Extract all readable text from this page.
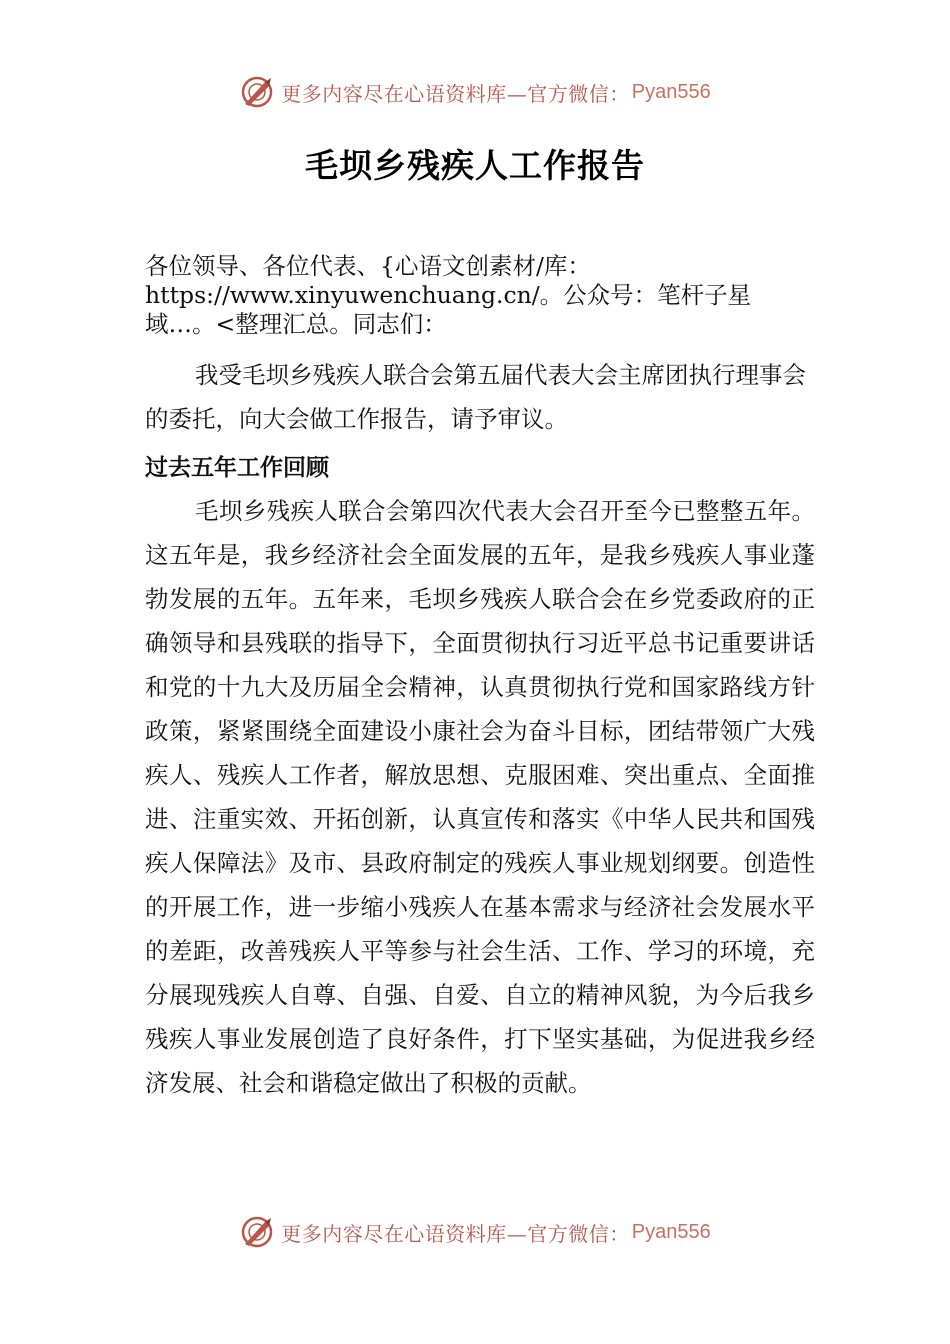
更多内容尽在心语资料库—官方微信： Pyan556
毛坝乡残疾人工作报告

各位领导、各位代表、{心语文创素材/库：https://www.xinyuwenchuang.cn/。公众号：笔杆子星域…。<整理汇总。同志们：

我受毛坝乡残疾人联合会第五届代表大会主席团执行理事会的委托，向大会做工作报告，请予审议。

过去五年工作回顾

毛坝乡残疾人联合会第四次代表大会召开至今已整整五年。这五年是，我乡经济社会全面发展的五年，是我乡残疾人事业蓬勃发展的五年。五年来，毛坝乡残疾人联合会在乡党委政府的正确领导和县残联的指导下，全面贯彻执行习近平总书记重要讲话和党的十九大及历届全会精神，认真贯彻执行党和国家路线方针政策，紧紧围绕全面建设小康社会为奋斗目标，团结带领广大残疾人、残疾人工作者，解放思想、克服困难、突出重点、全面推进、注重实效、开拓创新，认真宣传和落实《中华人民共和国残疾人保障法》及市、县政府制定的残疾人事业规划纲要。创造性的开展工作，进一步缩小残疾人在基本需求与经济社会发展水平的差距，改善残疾人平等参与社会生活、工作、学习的环境，充分展现残疾人自尊、自强、自爱、自立的精神风貌，为今后我乡残疾人事业发展创造了良好条件，打下坚实基础，为促进我乡经济发展、社会和谐稳定做出了积极的贡献。

更多内容尽在心语资料库—官方微信： Pyan556
